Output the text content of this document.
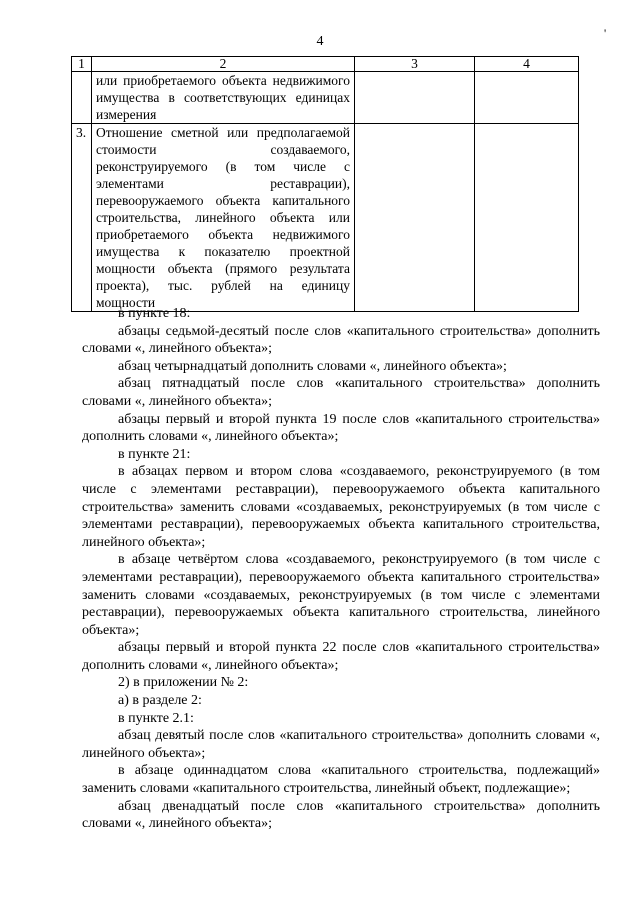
4
'
1	2	3	4
	или приобретаемого объекта недвижимого имущества в соответствующих единицах измерения		
3.	Отношение сметной или предполагаемой стоимости создаваемого, реконструируемого (в том числе с элементами реставрации), перевооружаемого объекта капитального строительства, линейного объекта или приобретаемого объекта недвижимого имущества к показателю проектной мощности объекта (прямого результата проекта), тыс. рублей на единицу мощности		

в пункте 18:

абзацы седьмой-десятый после слов «капитального строительства» дополнить словами «, линейного объекта»;

абзац четырнадцатый дополнить словами «, линейного объекта»;

абзац пятнадцатый после слов «капитального строительства» дополнить словами «, линейного объекта»;

абзацы первый и второй пункта 19 после слов «капитального строительства» дополнить словами «, линейного объекта»;

в пункте 21:

в абзацах первом и втором слова «создаваемого, реконструируемого (в том числе с элементами реставрации), перевооружаемого объекта капитального строительства» заменить словами «создаваемых, реконструируемых (в том числе с элементами реставрации), перевооружаемых объекта капитального строительства, линейного объекта»;

в абзаце четвёртом слова «создаваемого, реконструируемого (в том числе с элементами реставрации), перевооружаемого объекта капитального строительства» заменить словами «создаваемых, реконструируемых (в том числе с элементами реставрации), перевооружаемых объекта капитального строительства, линейного объекта»;

абзацы первый и второй пункта 22 после слов «капитального строительства» дополнить словами «, линейного объекта»;

2) в приложении № 2:

а) в разделе 2:

в пункте 2.1:

абзац девятый после слов «капитального строительства» дополнить словами «, линейного объекта»;

в абзаце одиннадцатом слова «капитального строительства, подлежащий» заменить словами «капитального строительства, линейный объект, подлежащие»;

абзац двенадцатый после слов «капитального строительства» дополнить словами «, линейного объекта»;
